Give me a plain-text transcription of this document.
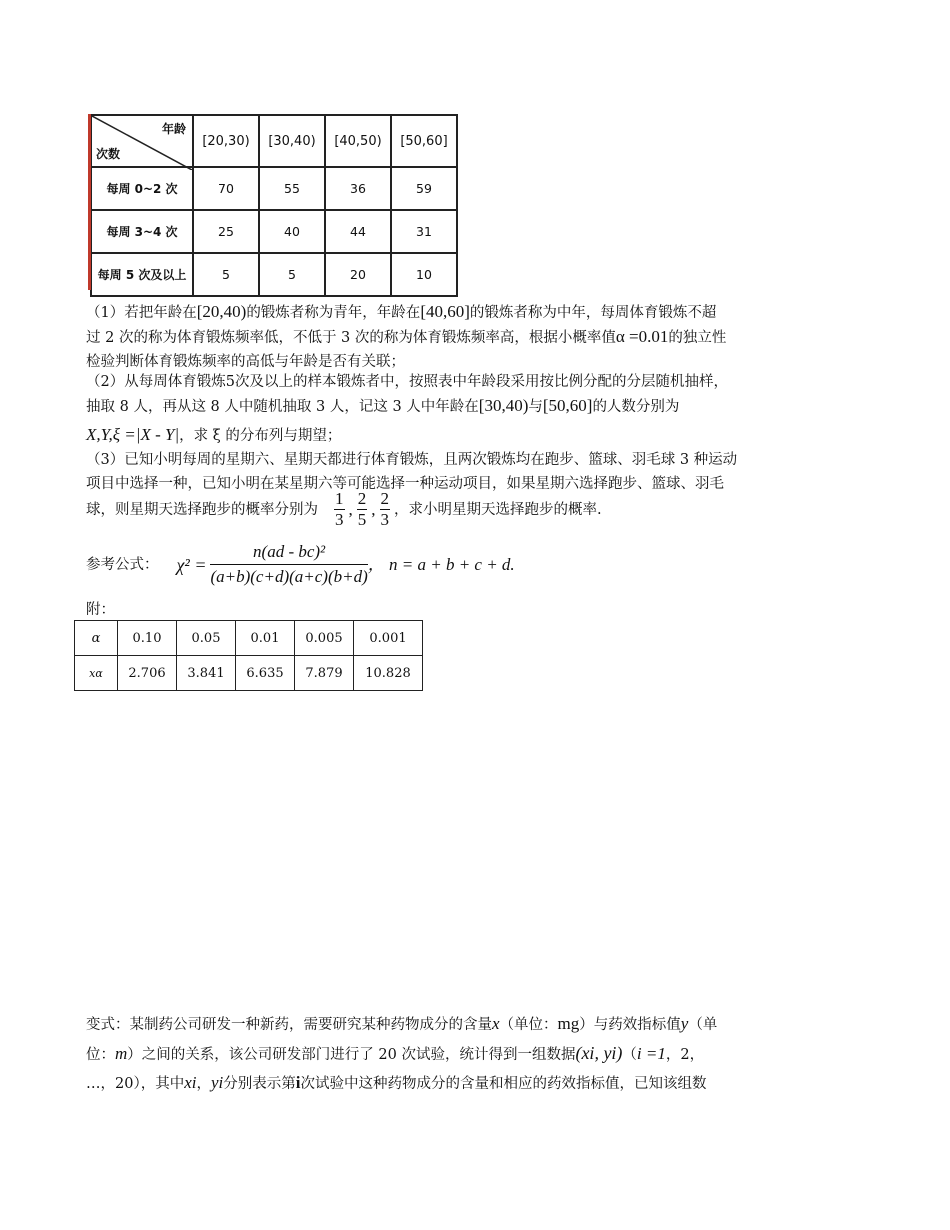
年龄
次数	[20,30)	[30,40)	[40,50)	[50,60]
每周 0~2 次	70	55	36	59
每周 3~4 次	25	40	44	31
每周 5 次及以上	5	5	20	10
（1）若把年龄在[20,40)的锻炼者称为青年，年龄在[40,60]的锻炼者称为中年，每周体育锻炼不超
过 2 次的称为体育锻炼频率低，不低于 3 次的称为体育锻炼频率高，根据小概率值α =0.01的独立性
检验判断体育锻炼频率的高低与年龄是否有关联；
（2）从每周体育锻炼5次及以上的样本锻炼者中，按照表中年龄段采用按比例分配的分层随机抽样，
抽取 8 人，再从这 8 人中随机抽取 3 人，记这 3 人中年龄在[30,40)与[50,60]的人数分别为
X,Y,ξ =|X - Y|，求 ξ 的分布列与期望；
（3）已知小明每周的星期六、星期天都进行体育锻炼，且两次锻炼均在跑步、篮球、羽毛球 3 种运动
项目中选择一种，已知小明在某星期六等可能选择一种运动项目，如果星期六选择跑步、篮球、羽毛
球，则星期天选择跑步的概率分别为 $\frac{1}{3}$ , $\frac{2}{5}$ , $\frac{2}{3}$ ，求小明星期天选择跑步的概率.
参考公式： $\chi^2 = \frac{\text{n(ad - bc)²}}{(a+b)(c+d)(a+c)(b+d)}$ ， n = a + b + c + d.
附：
α	0.10	0.05	0.01	0.005	0.001
xα	2.706	3.841	6.635	7.879	10.828
变式：某制药公司研发一种新药，需要研究某种药物成分的含量x（单位：mg）与药效指标值y（单
位：m）之间的关系，该公司研发部门进行了 20 次试验，统计得到一组数据(xi, yi)（i =1，2，
…，20），其中xi，yi分别表示第i次试验中这种药物成分的含量和相应的药效指标值，已知该组数
